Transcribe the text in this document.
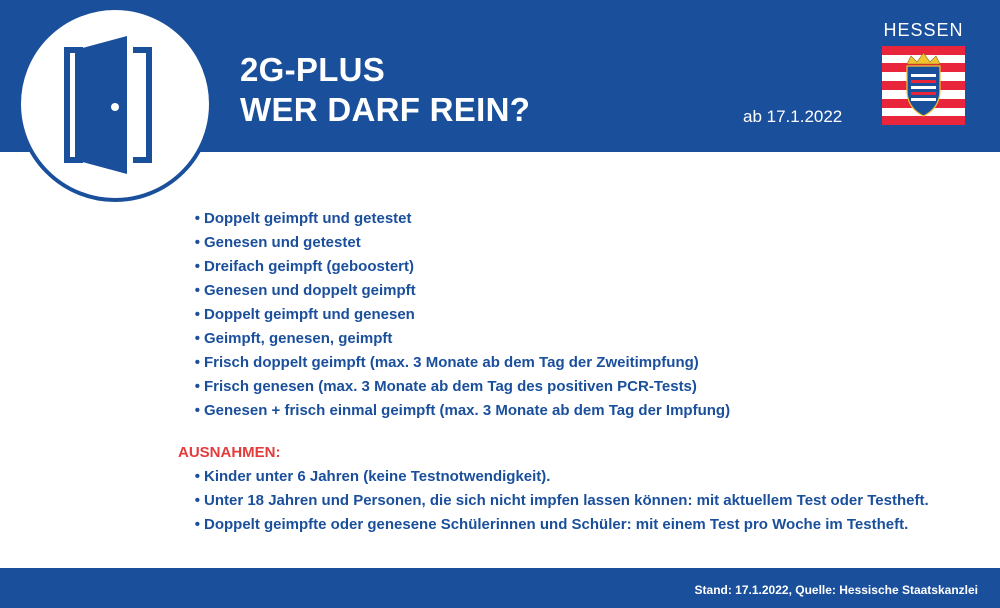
2G-PLUS
WER DARF REIN?	ab 17.1.2022
HESSEN
• Doppelt geimpft und getestet
• Genesen und getestet
• Dreifach geimpft (geboostert)
• Genesen und doppelt geimpft
• Doppelt geimpft und genesen
• Geimpft, genesen, geimpft
• Frisch doppelt geimpft (max. 3 Monate ab dem Tag der Zweitimpfung)
• Frisch genesen (max. 3 Monate ab dem Tag des positiven PCR-Tests)
• Genesen + frisch einmal geimpft (max. 3 Monate ab dem Tag der Impfung)
AUSNAHMEN:
• Kinder unter 6 Jahren (keine Testnotwendigkeit).
• Unter 18 Jahren und Personen, die sich nicht impfen lassen können: mit aktuellem Test oder Testheft.
• Doppelt geimpfte oder genesene Schülerinnen und Schüler: mit einem Test pro Woche im Testheft.
Stand: 17.1.2022, Quelle: Hessische Staatskanzlei
